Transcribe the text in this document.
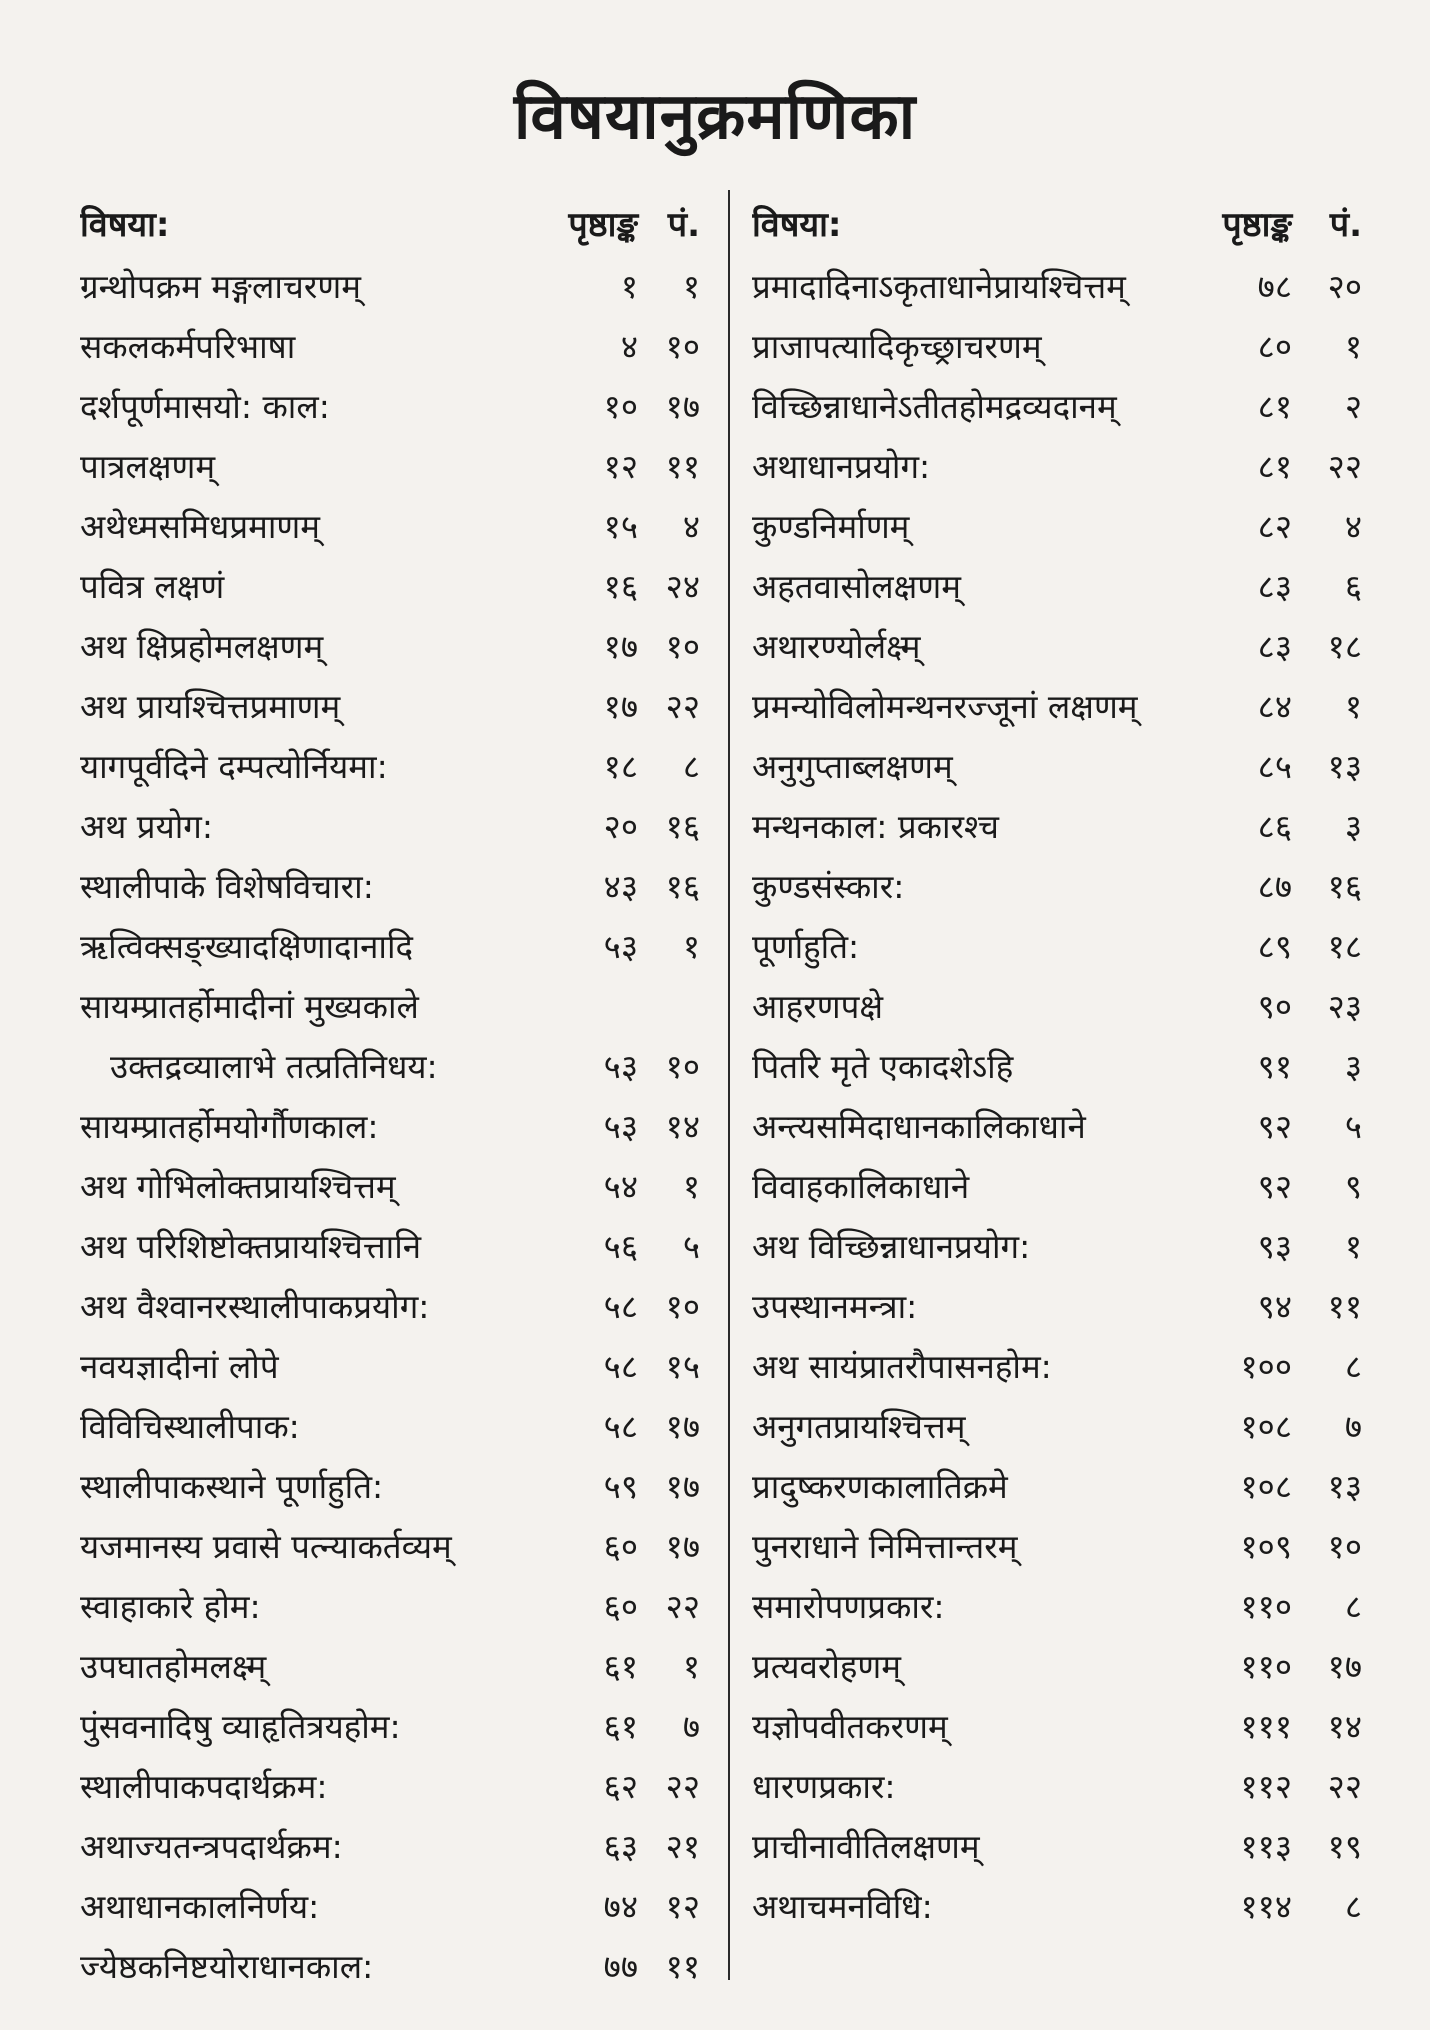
विषयानुक्रमणिका
विषया:	पृष्ठाङ्क पं.
ग्रन्थोपक्रम मङ्गलाचरणम्	१	१
सकलकर्मपरिभाषा	४ १०
दर्शपूर्णमासयो: काल:	१० १७
पात्रलक्षणम्	१२ ११
अथेध्मसमिधप्रमाणम्	१५	४
पवित्र लक्षणं	१६ २४
अथ क्षिप्रहोमलक्षणम्	१७ १०
अथ प्रायश्चित्तप्रमाणम्	१७ २२
यागपूर्वदिने दम्पत्योर्नियमा:	१८	८
अथ प्रयोग:	२० १६
स्थालीपाके विशेषविचारा:	४३ १६
ऋत्विक्सङ्ख्यादक्षिणादानादि	५३	१
सायम्प्रातर्होमादीनां मुख्यकाले
उक्तद्रव्यालाभे तत्प्रतिनिधय:	५३ १०
सायम्प्रातर्होमयोर्गौणकाल:	५३ १४
अथ गोभिलोक्तप्रायश्चित्तम्	५४	१
अथ परिशिष्टोक्तप्रायश्चित्तानि	५६	५
अथ वैश्वानरस्थालीपाकप्रयोग:	५८ १०
नवयज्ञादीनां लोपे	५८ १५
विविचिस्थालीपाक:	५८ १७
स्थालीपाकस्थाने पूर्णाहुति:	५९ १७
यजमानस्य प्रवासे पत्न्याकर्तव्यम्	६० १७
स्वाहाकारे होम:	६० २२
उपघातहोमलक्ष्म्	६१	१
पुंसवनादिषु व्याहृतित्रयहोम:	६१	७
स्थालीपाकपदार्थक्रम:	६२ २२
अथाज्यतन्त्रपदार्थक्रम:	६३ २१
अथाधानकालनिर्णय:	७४ १२
ज्येष्ठकनिष्टयोराधानकाल:	७७ ११
विषया:	पृष्ठाङ्क	पं.
प्रमादादिनाऽकृताधानेप्रायश्चित्तम्	७८	२०
प्राजापत्यादिकृच्छ्राचरणम्	८०	१
विच्छिन्नाधानेऽतीतहोमद्रव्यदानम्	८१	२
अथाधानप्रयोग:	८१	२२
कुण्डनिर्माणम्	८२	४
अहतवासोलक्षणम्	८३	६
अथारण्योर्लक्ष्म्	८३	१८
प्रमन्योविलोमन्थनरज्जूनां लक्षणम्	८४	१
अनुगुप्ताब्लक्षणम्	८५	१३
मन्थनकाल: प्रकारश्च	८६	३
कुण्डसंस्कार:	८७	१६
पूर्णाहुति:	८९	१८
आहरणपक्षे	९०	२३
पितरि मृते एकादशेऽहि	९१	३
अन्त्यसमिदाधानकालिकाधाने	९२	५
विवाहकालिकाधाने	९२	९
अथ विच्छिन्नाधानप्रयोग:	९३	१
उपस्थानमन्त्रा:	९४	११
अथ सायंप्रातरौपासनहोम:	१००	८
अनुगतप्रायश्चित्तम्	१०८	७
प्रादुष्करणकालातिक्रमे	१०८	१३
पुनराधाने निमित्तान्तरम्	१०९	१०
समारोपणप्रकार:	११०	८
प्रत्यवरोहणम्	११०	१७
यज्ञोपवीतकरणम्	१११	१४
धारणप्रकार:	११२	२२
प्राचीनावीतिलक्षणम्	११३	१९
अथाचमनविधि:	११४	८
